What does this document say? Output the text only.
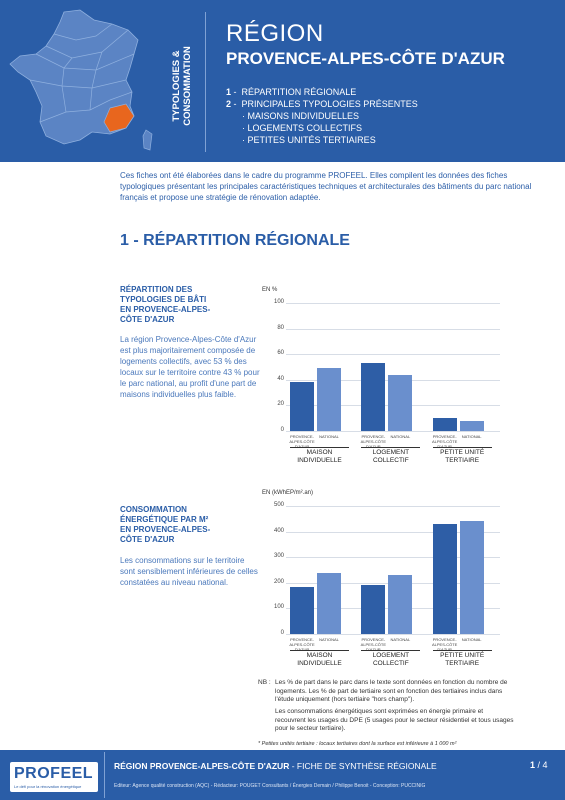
TYPOLOGIES & CONSOMMATION
RÉGION
PROVENCE-ALPES-CÔTE D'AZUR
1 -  RÉPARTITION RÉGIONALE
2 -  PRINCIPALES TYPOLOGIES PRÉSENTES
· MAISONS INDIVIDUELLES
· LOGEMENTS COLLECTIFS
· PETITES UNITÉS TERTIAIRES
Ces fiches ont été élaborées dans le cadre du programme PROFEEL. Elles compilent les données des fiches typologiques présentant les principales caractéristiques techniques et architecturales des bâtiments du parc national français et propose une stratégie de rénovation adaptée.
1 - RÉPARTITION RÉGIONALE
RÉPARTITION DES
TYPOLOGIES DE BÂTI
EN PROVENCE-ALPES-
CÔTE D'AZUR
La région Provence-Alpes-Côte d'Azur est plus majoritairement composée de logements collectifs, avec 53 % des locaux sur le territoire contre 43 % pour le parc national, au profit d'une part de maisons individuelles plus faible.
EN %
0
20
40
60
80
100
PROVENCE-ALPES-CÔTE
NATIONAL
MAISON
INDIVIDUELLE
PROVENCE-ALPES-CÔTE
NATIONAL
LOGEMENT
COLLECTIF
PROVENCE-ALPES-CÔTE
NATIONAL
PETITE UNITÉ
TERTIAIRE
CONSOMMATION
ÉNERGÉTIQUE PAR M²
EN PROVENCE-ALPES-
CÔTE D'AZUR
Les consommations sur le territoire sont sensiblement inférieures de celles constatées au niveau national.
EN (kWhEP/m².an)
0
100
200
300
400
500
PROVENCE-ALPES-CÔTE
NATIONAL
MAISON
INDIVIDUELLE
PROVENCE-ALPES-CÔTE
NATIONAL
LOGEMENT
COLLECTIF
PROVENCE-ALPES-CÔTE
NATIONAL
PETITE UNITÉ
TERTIAIRE
NB : Les % de part dans le parc dans le texte sont données en fonction du nombre de logements. Les % de part de tertiaire sont en fonction des tertiaires inclus dans l'étude uniquement (hors tertiaire "hors champ").
Les consommations énergétiques sont exprimées en énergie primaire et recouvrent les usages du DPE (5 usages pour le secteur résidentiel et tous usages pour le secteur tertiaire).
* Petites unités tertiaire : locaux tertiaires dont la surface est inférieure à 1 000 m²
PROFEEL
Le défi pour la rénovation énergétique
RÉGION PROVENCE-ALPES-CÔTE D'AZUR - FICHE DE SYNTHÈSE RÉGIONALE	1 / 4
Editeur: Agence qualité construction (AQC) - Rédacteur: POUGET Consultants / Énergies Demain / Philippe Benoit - Conception: PUCCINIG
